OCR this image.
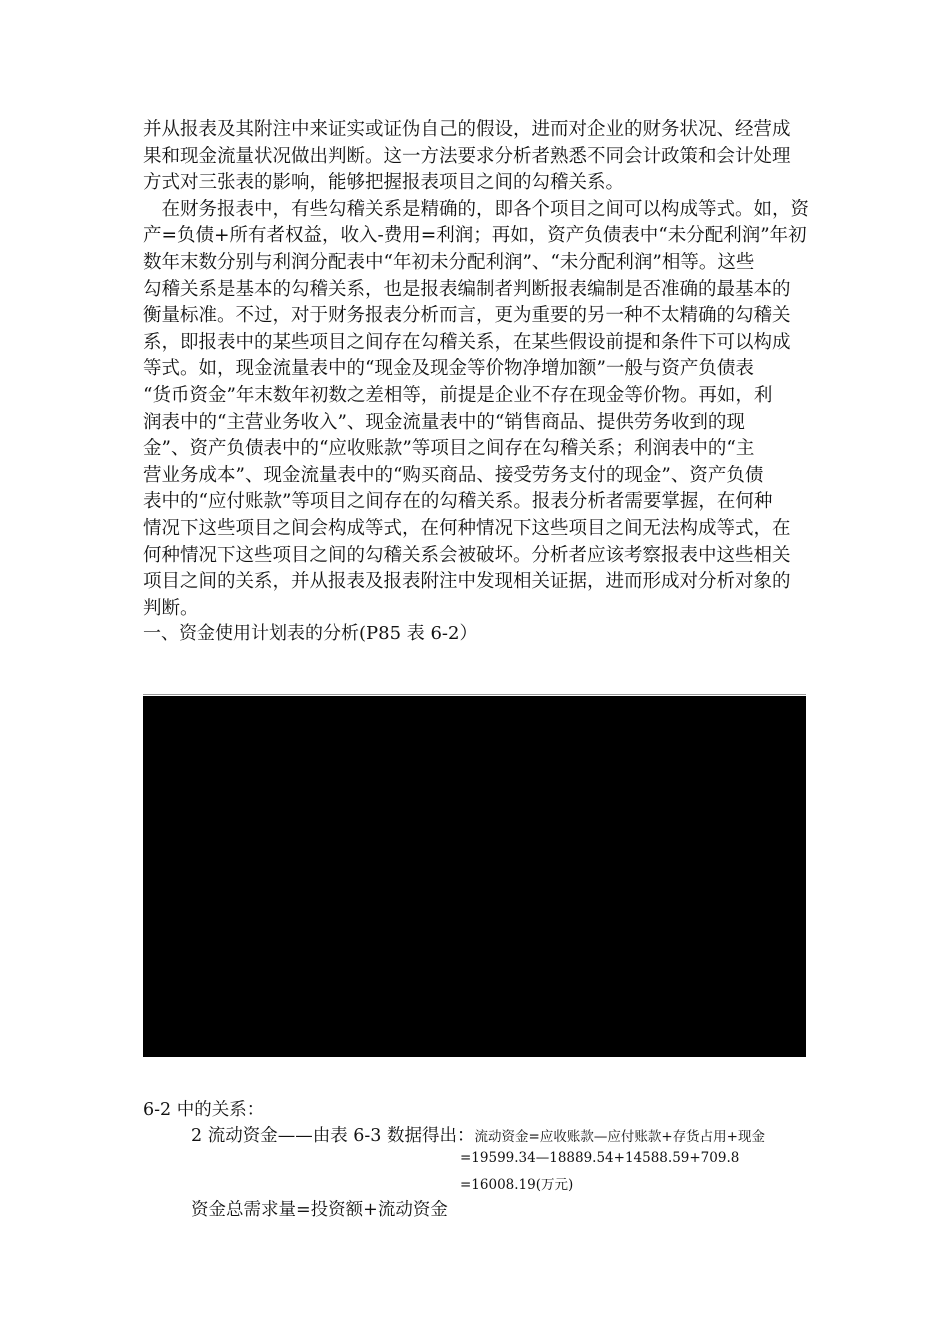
并从报表及其附注中来证实或证伪自己的假设，进而对企业的财务状况、经营成
果和现金流量状况做出判断。这一方法要求分析者熟悉不同会计政策和会计处理
方式对三张表的影响，能够把握报表项目之间的勾稽关系。
　在财务报表中，有些勾稽关系是精确的，即各个项目之间可以构成等式。如，资
产=负债+所有者权益，收入-费用=利润；再如，资产负债表中“未分配利润”年初
数年末数分别与利润分配表中“年初未分配利润”、“未分配利润”相等。这些
勾稽关系是基本的勾稽关系，也是报表编制者判断报表编制是否准确的最基本的
衡量标准。不过，对于财务报表分析而言，更为重要的另一种不太精确的勾稽关
系，即报表中的某些项目之间存在勾稽关系，在某些假设前提和条件下可以构成
等式。如，现金流量表中的“现金及现金等价物净增加额”一般与资产负债表
“货币资金”年末数年初数之差相等，前提是企业不存在现金等价物。再如，利
润表中的“主营业务收入”、现金流量表中的“销售商品、提供劳务收到的现
金”、资产负债表中的“应收账款”等项目之间存在勾稽关系；利润表中的“主
营业务成本”、现金流量表中的“购买商品、接受劳务支付的现金”、资产负债
表中的“应付账款”等项目之间存在的勾稽关系。报表分析者需要掌握，在何种
情况下这些项目之间会构成等式，在何种情况下这些项目之间无法构成等式，在
何种情况下这些项目之间的勾稽关系会被破坏。分析者应该考察报表中这些相关
项目之间的关系，并从报表及报表附注中发现相关证据，进而形成对分析对象的
判断。
一、资金使用计划表的分析(P85 表 6-2）
6-2 中的关系：
2 流动资金——由表 6-3 数据得出：流动资金=应收账款—应付账款+存货占用+现金
=19599.34—18889.54+14588.59+709.8
=16008.19(万元)
资金总需求量=投资额+流动资金
